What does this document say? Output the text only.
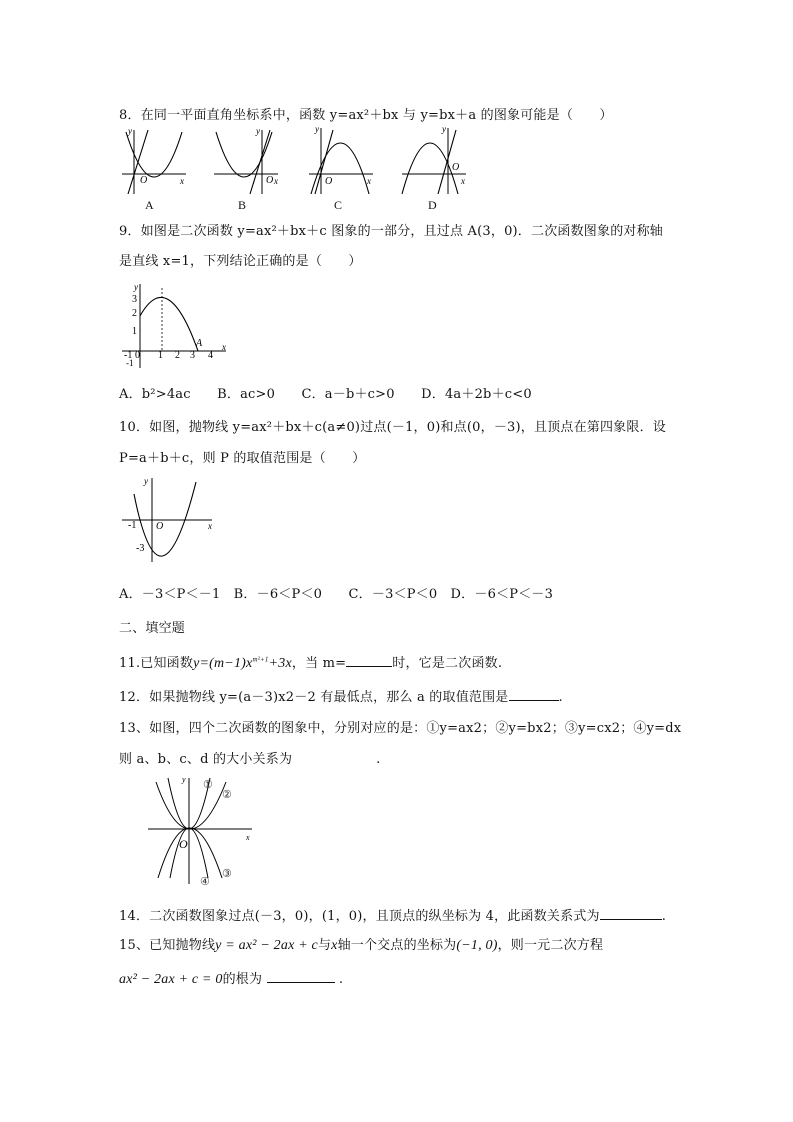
8．在同一平面直角坐标系中，函数 y=ax²＋bx 与 y=bx＋a 的图象可能是（　　）
y
O	x
A
y
O x
B
y
O	x
C
y
O
x
D
9．如图是二次函数 y=ax²＋bx＋c 图象的一部分，且过点 A(3，0)．二次函数图象的对称轴
是直线 x=1，下列结论正确的是（　　）
y
x
3
2
1
-1
-1 0 1 2 3 4
A
A．b²>4ac　　B．ac>0　　C．a－b＋c>0　　D．4a＋2b＋c<0
10．如图，抛物线 y=ax²＋bx＋c(a≠0)过点(－1，0)和点(0，－3)，且顶点在第四象限．设
P=a＋b＋c，则 P 的取值范围是（　　）
y
x
O
-1
-3
A．－3＜P＜－1　B．－6＜P＜0　　C．－3＜P＜0　D．－6＜P＜－3
二、填空题
11.已知函数$y=(m-1)x^{m^2+1}+3x$，当 m=	时，它是二次函数.
12．如果抛物线 y=(a－3)x2－2 有最低点，那么 a 的取值范围是	.
13、如图，四个二次函数的图象中，分别对应的是：①y=ax2；②y=bx2；③y=cx2；④y=dx
则 a、b、c、d 的大小关系为	.
y
x
O
①
②
③
④
14．二次函数图象过点(－3，0)，(1，0)，且顶点的纵坐标为 4，此函数关系式为	.
15、已知抛物线y = ax² − 2ax + c与x轴一个交点的坐标为(−1, 0)，则一元二次方程
ax² − 2ax + c = 0的根为	.
